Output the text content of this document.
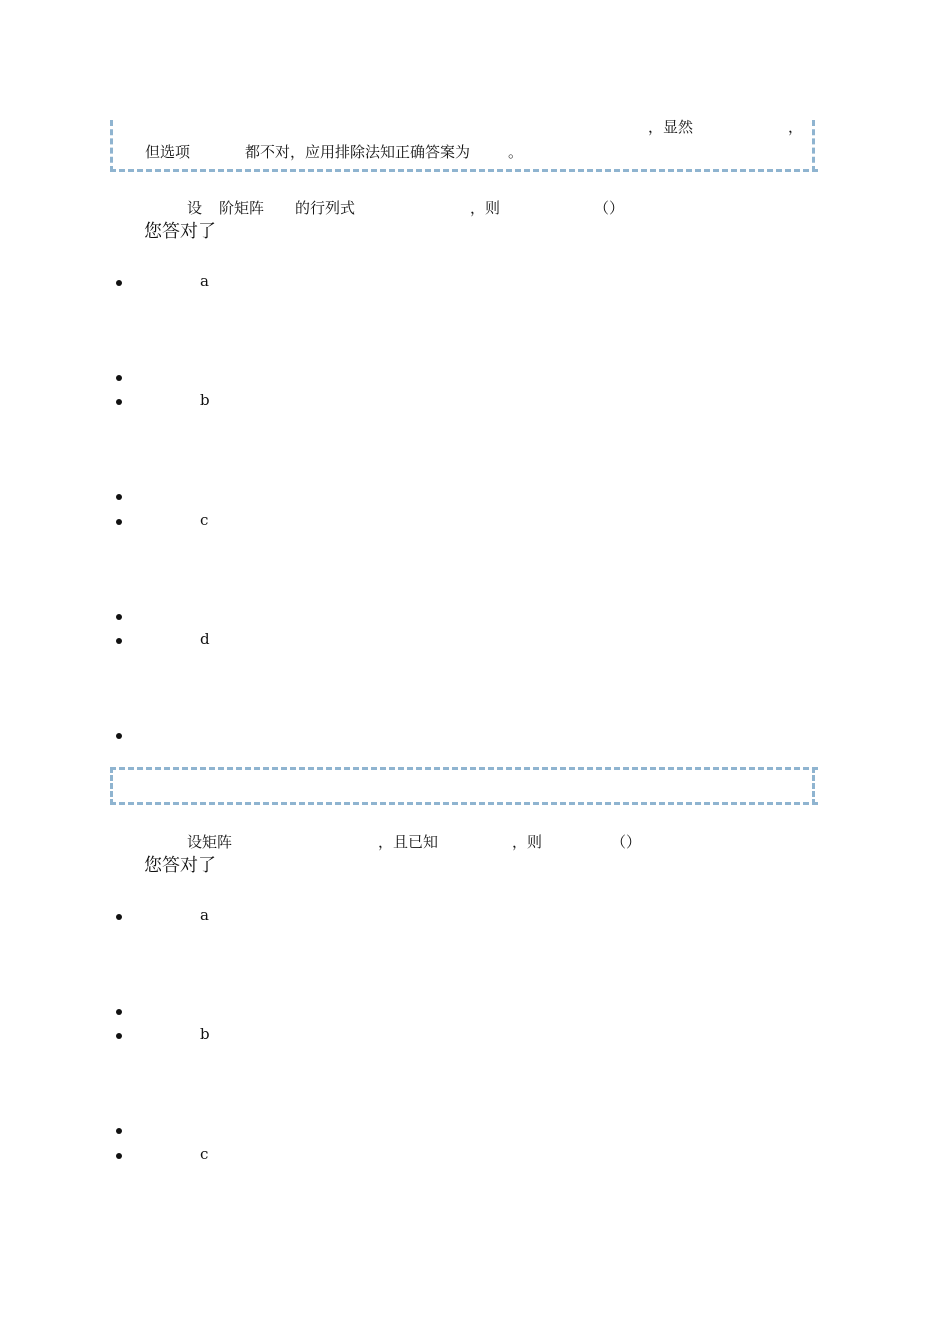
，显然	，
但选项	都不对，应用排除法知正确答案为	。
设 阶矩阵 的行列式	，则	（）
您答对了
a
b
c
d
设矩阵	，且已知	，则	（）
您答对了
a
b
c
